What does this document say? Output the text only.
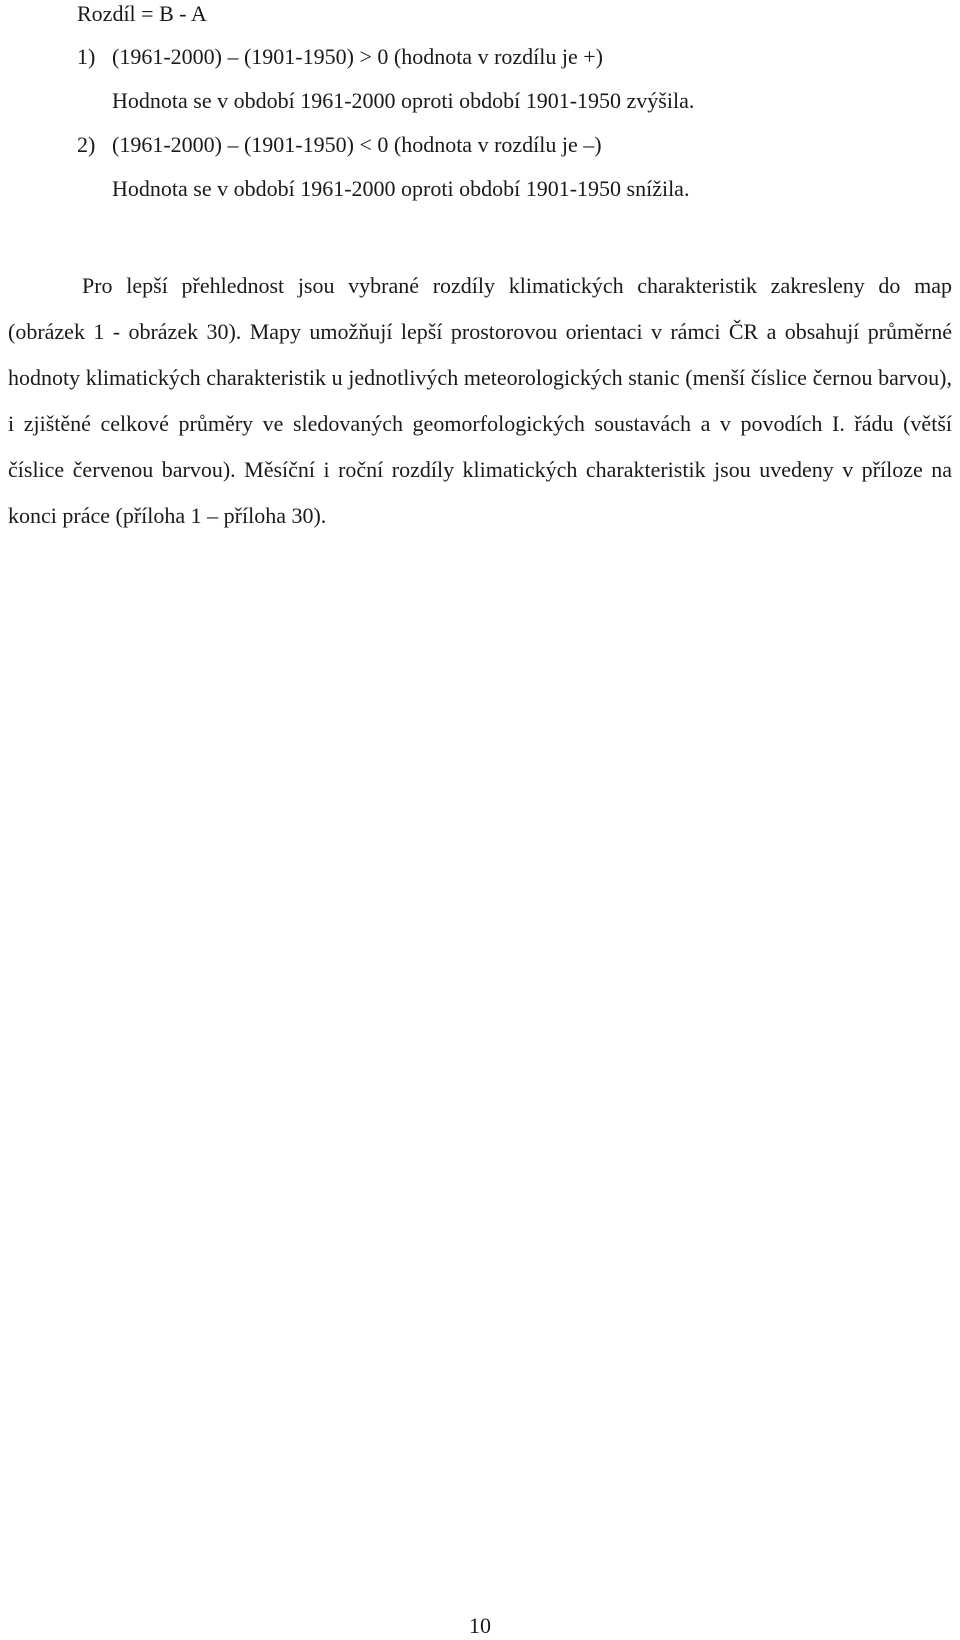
Rozdíl = B - A
1) (1961-2000) – (1901-1950) > 0 (hodnota v rozdílu je +)
Hodnota se v období 1961-2000 oproti období 1901-1950 zvýšila.
2) (1961-2000) – (1901-1950) < 0 (hodnota v rozdílu je –)
Hodnota se v období 1961-2000 oproti období 1901-1950 snížila.
Pro lepší přehlednost jsou vybrané rozdíly klimatických charakteristik zakresleny do map (obrázek 1 - obrázek 30). Mapy umožňují lepší prostorovou orientaci v rámci ČR a obsahují průměrné hodnoty klimatických charakteristik u jednotlivých meteorologických stanic (menší číslice černou barvou), i zjištěné celkové průměry ve sledovaných geomorfologických soustavách a v povodích I. řádu (větší číslice červenou barvou). Měsíční i roční rozdíly klimatických charakteristik jsou uvedeny v příloze na konci práce (příloha 1 – příloha 30).
10
